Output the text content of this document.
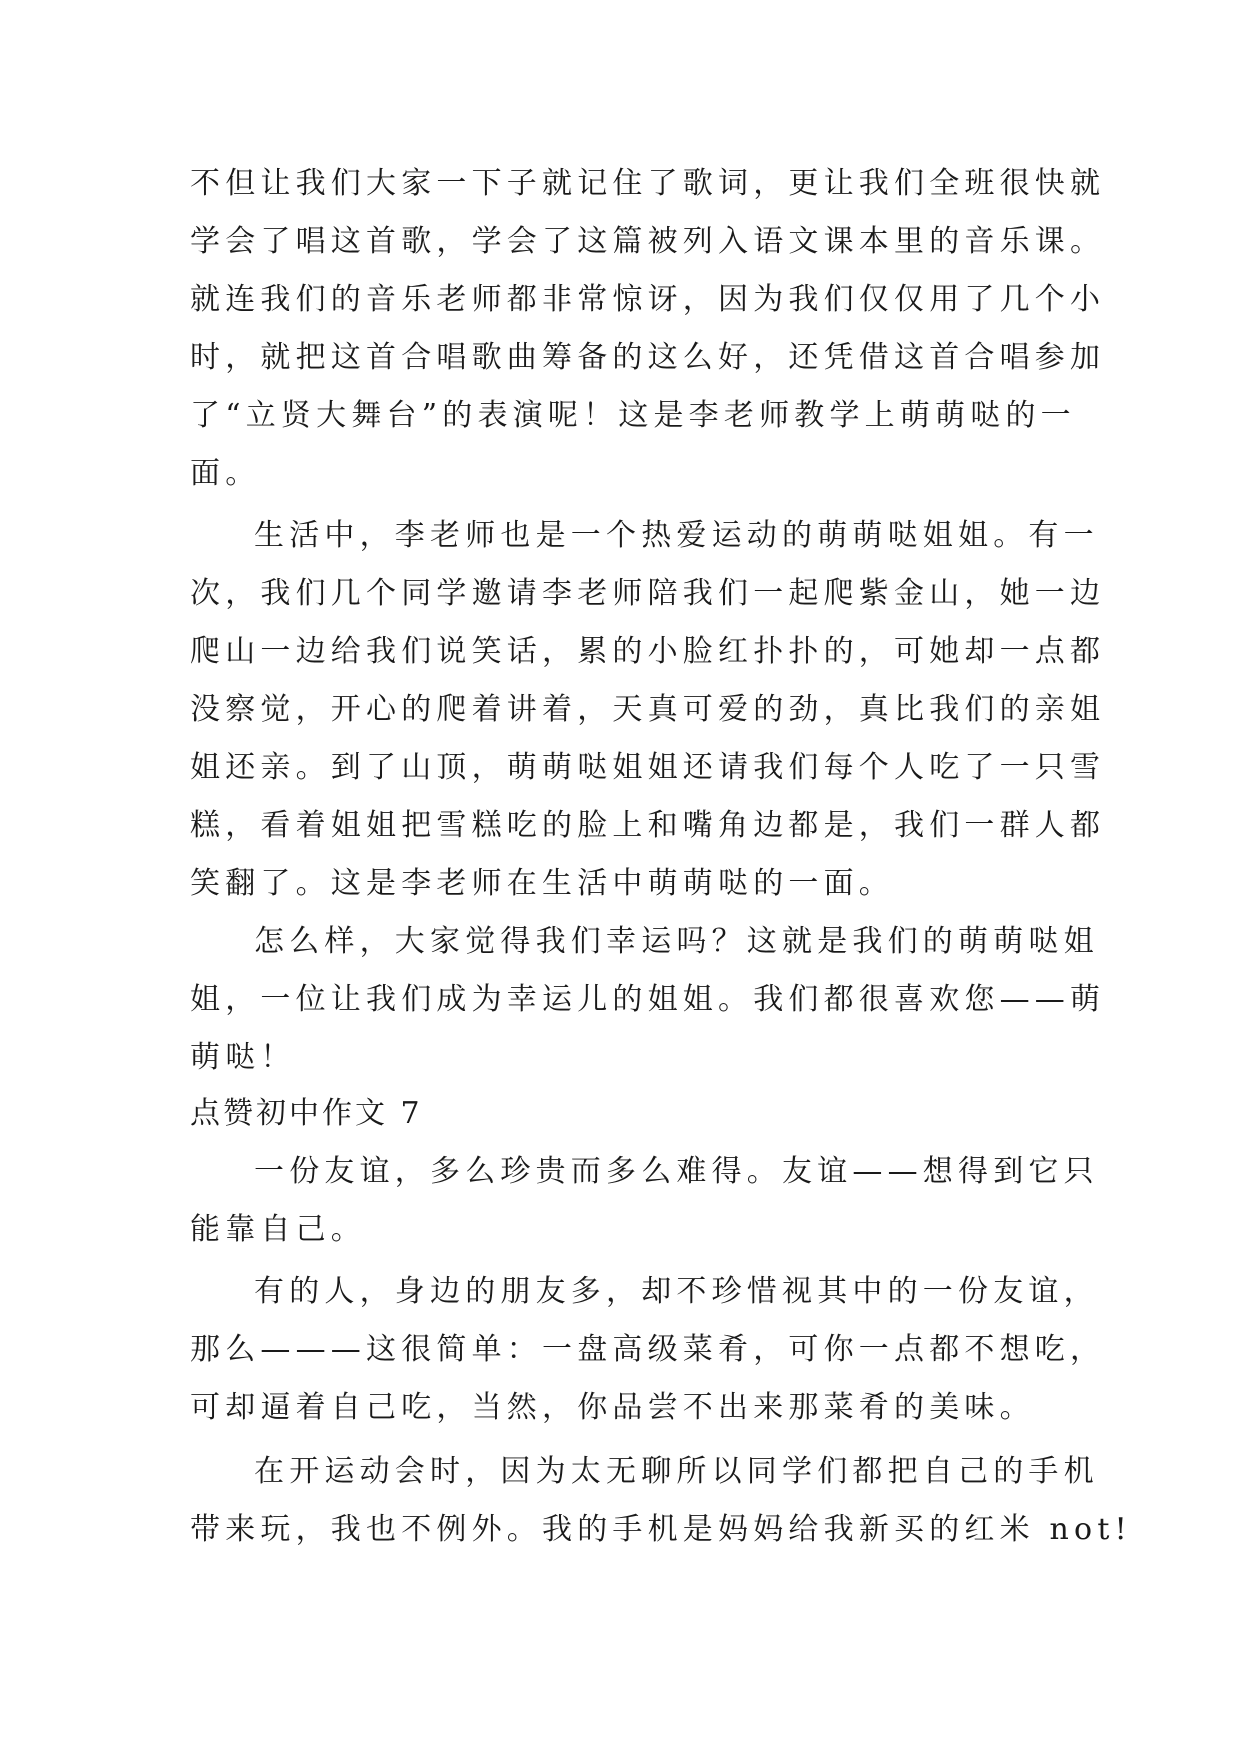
不但让我们大家一下子就记住了歌词，更让我们全班很快就
学会了唱这首歌，学会了这篇被列入语文课本里的音乐课。
就连我们的音乐老师都非常惊讶，因为我们仅仅用了几个小
时，就把这首合唱歌曲筹备的这么好，还凭借这首合唱参加
了“立贤大舞台”的表演呢！这是李老师教学上萌萌哒的一
面。
生活中，李老师也是一个热爱运动的萌萌哒姐姐。有一
次，我们几个同学邀请李老师陪我们一起爬紫金山，她一边
爬山一边给我们说笑话，累的小脸红扑扑的，可她却一点都
没察觉，开心的爬着讲着，天真可爱的劲，真比我们的亲姐
姐还亲。到了山顶，萌萌哒姐姐还请我们每个人吃了一只雪
糕，看着姐姐把雪糕吃的脸上和嘴角边都是，我们一群人都
笑翻了。这是李老师在生活中萌萌哒的一面。
怎么样，大家觉得我们幸运吗？这就是我们的萌萌哒姐
姐，一位让我们成为幸运儿的姐姐。我们都很喜欢您——萌
萌哒！
点赞初中作文 7
一份友谊，多么珍贵而多么难得。友谊——想得到它只
能靠自己。
有的人，身边的朋友多，却不珍惜视其中的一份友谊，
那么———这很简单：一盘高级菜肴，可你一点都不想吃，
可却逼着自己吃，当然，你品尝不出来那菜肴的美味。
在开运动会时，因为太无聊所以同学们都把自己的手机
带来玩，我也不例外。我的手机是妈妈给我新买的红米 not!
